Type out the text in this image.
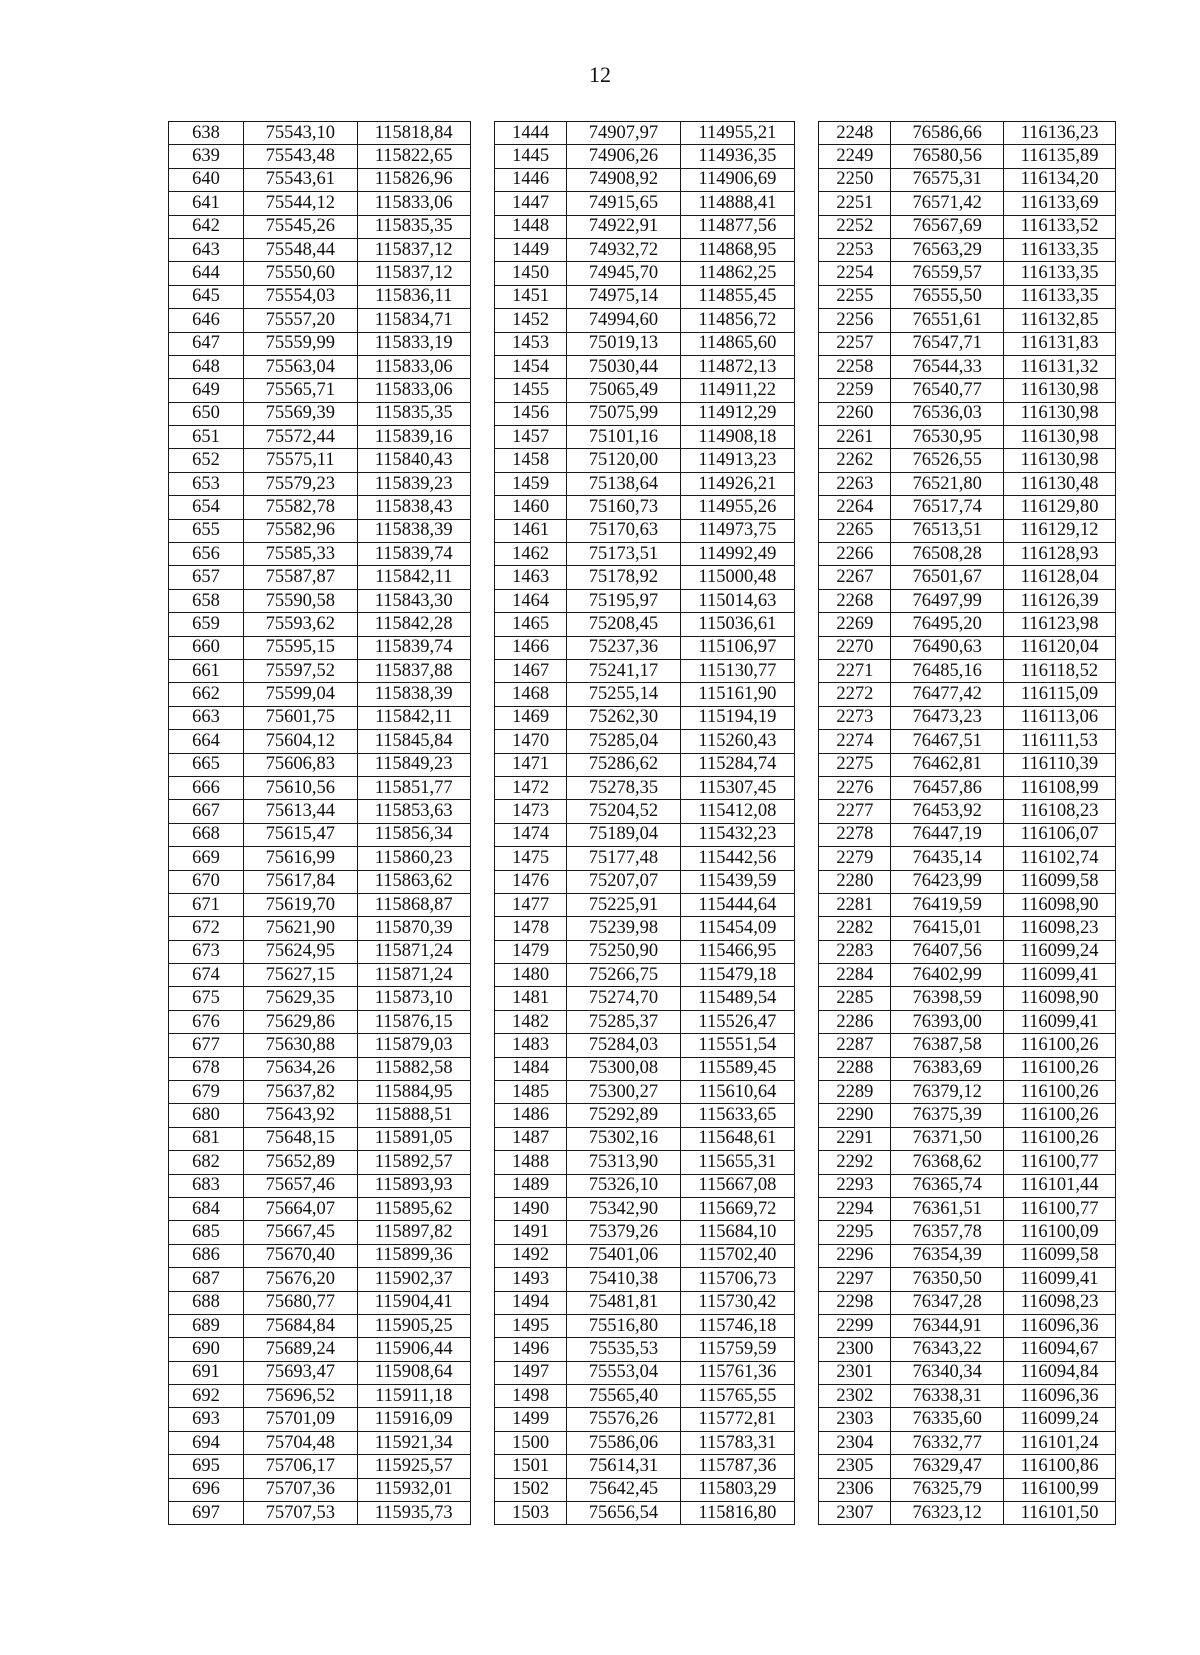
12
638	75543,10	115818,84		1444	74907,97	114955,21		2248	76586,66	116136,23
639	75543,48	115822,65		1445	74906,26	114936,35		2249	76580,56	116135,89
640	75543,61	115826,96		1446	74908,92	114906,69		2250	76575,31	116134,20
641	75544,12	115833,06		1447	74915,65	114888,41		2251	76571,42	116133,69
642	75545,26	115835,35		1448	74922,91	114877,56		2252	76567,69	116133,52
643	75548,44	115837,12		1449	74932,72	114868,95		2253	76563,29	116133,35
644	75550,60	115837,12		1450	74945,70	114862,25		2254	76559,57	116133,35
645	75554,03	115836,11		1451	74975,14	114855,45		2255	76555,50	116133,35
646	75557,20	115834,71		1452	74994,60	114856,72		2256	76551,61	116132,85
647	75559,99	115833,19		1453	75019,13	114865,60		2257	76547,71	116131,83
648	75563,04	115833,06		1454	75030,44	114872,13		2258	76544,33	116131,32
649	75565,71	115833,06		1455	75065,49	114911,22		2259	76540,77	116130,98
650	75569,39	115835,35		1456	75075,99	114912,29		2260	76536,03	116130,98
651	75572,44	115839,16		1457	75101,16	114908,18		2261	76530,95	116130,98
652	75575,11	115840,43		1458	75120,00	114913,23		2262	76526,55	116130,98
653	75579,23	115839,23		1459	75138,64	114926,21		2263	76521,80	116130,48
654	75582,78	115838,43		1460	75160,73	114955,26		2264	76517,74	116129,80
655	75582,96	115838,39		1461	75170,63	114973,75		2265	76513,51	116129,12
656	75585,33	115839,74		1462	75173,51	114992,49		2266	76508,28	116128,93
657	75587,87	115842,11		1463	75178,92	115000,48		2267	76501,67	116128,04
658	75590,58	115843,30		1464	75195,97	115014,63		2268	76497,99	116126,39
659	75593,62	115842,28		1465	75208,45	115036,61		2269	76495,20	116123,98
660	75595,15	115839,74		1466	75237,36	115106,97		2270	76490,63	116120,04
661	75597,52	115837,88		1467	75241,17	115130,77		2271	76485,16	116118,52
662	75599,04	115838,39		1468	75255,14	115161,90		2272	76477,42	116115,09
663	75601,75	115842,11		1469	75262,30	115194,19		2273	76473,23	116113,06
664	75604,12	115845,84		1470	75285,04	115260,43		2274	76467,51	116111,53
665	75606,83	115849,23		1471	75286,62	115284,74		2275	76462,81	116110,39
666	75610,56	115851,77		1472	75278,35	115307,45		2276	76457,86	116108,99
667	75613,44	115853,63		1473	75204,52	115412,08		2277	76453,92	116108,23
668	75615,47	115856,34		1474	75189,04	115432,23		2278	76447,19	116106,07
669	75616,99	115860,23		1475	75177,48	115442,56		2279	76435,14	116102,74
670	75617,84	115863,62		1476	75207,07	115439,59		2280	76423,99	116099,58
671	75619,70	115868,87		1477	75225,91	115444,64		2281	76419,59	116098,90
672	75621,90	115870,39		1478	75239,98	115454,09		2282	76415,01	116098,23
673	75624,95	115871,24		1479	75250,90	115466,95		2283	76407,56	116099,24
674	75627,15	115871,24		1480	75266,75	115479,18		2284	76402,99	116099,41
675	75629,35	115873,10		1481	75274,70	115489,54		2285	76398,59	116098,90
676	75629,86	115876,15		1482	75285,37	115526,47		2286	76393,00	116099,41
677	75630,88	115879,03		1483	75284,03	115551,54		2287	76387,58	116100,26
678	75634,26	115882,58		1484	75300,08	115589,45		2288	76383,69	116100,26
679	75637,82	115884,95		1485	75300,27	115610,64		2289	76379,12	116100,26
680	75643,92	115888,51		1486	75292,89	115633,65		2290	76375,39	116100,26
681	75648,15	115891,05		1487	75302,16	115648,61		2291	76371,50	116100,26
682	75652,89	115892,57		1488	75313,90	115655,31		2292	76368,62	116100,77
683	75657,46	115893,93		1489	75326,10	115667,08		2293	76365,74	116101,44
684	75664,07	115895,62		1490	75342,90	115669,72		2294	76361,51	116100,77
685	75667,45	115897,82		1491	75379,26	115684,10		2295	76357,78	116100,09
686	75670,40	115899,36		1492	75401,06	115702,40		2296	76354,39	116099,58
687	75676,20	115902,37		1493	75410,38	115706,73		2297	76350,50	116099,41
688	75680,77	115904,41		1494	75481,81	115730,42		2298	76347,28	116098,23
689	75684,84	115905,25		1495	75516,80	115746,18		2299	76344,91	116096,36
690	75689,24	115906,44		1496	75535,53	115759,59		2300	76343,22	116094,67
691	75693,47	115908,64		1497	75553,04	115761,36		2301	76340,34	116094,84
692	75696,52	115911,18		1498	75565,40	115765,55		2302	76338,31	116096,36
693	75701,09	115916,09		1499	75576,26	115772,81		2303	76335,60	116099,24
694	75704,48	115921,34		1500	75586,06	115783,31		2304	76332,77	116101,24
695	75706,17	115925,57		1501	75614,31	115787,36		2305	76329,47	116100,86
696	75707,36	115932,01		1502	75642,45	115803,29		2306	76325,79	116100,99
697	75707,53	115935,73		1503	75656,54	115816,80		2307	76323,12	116101,50
